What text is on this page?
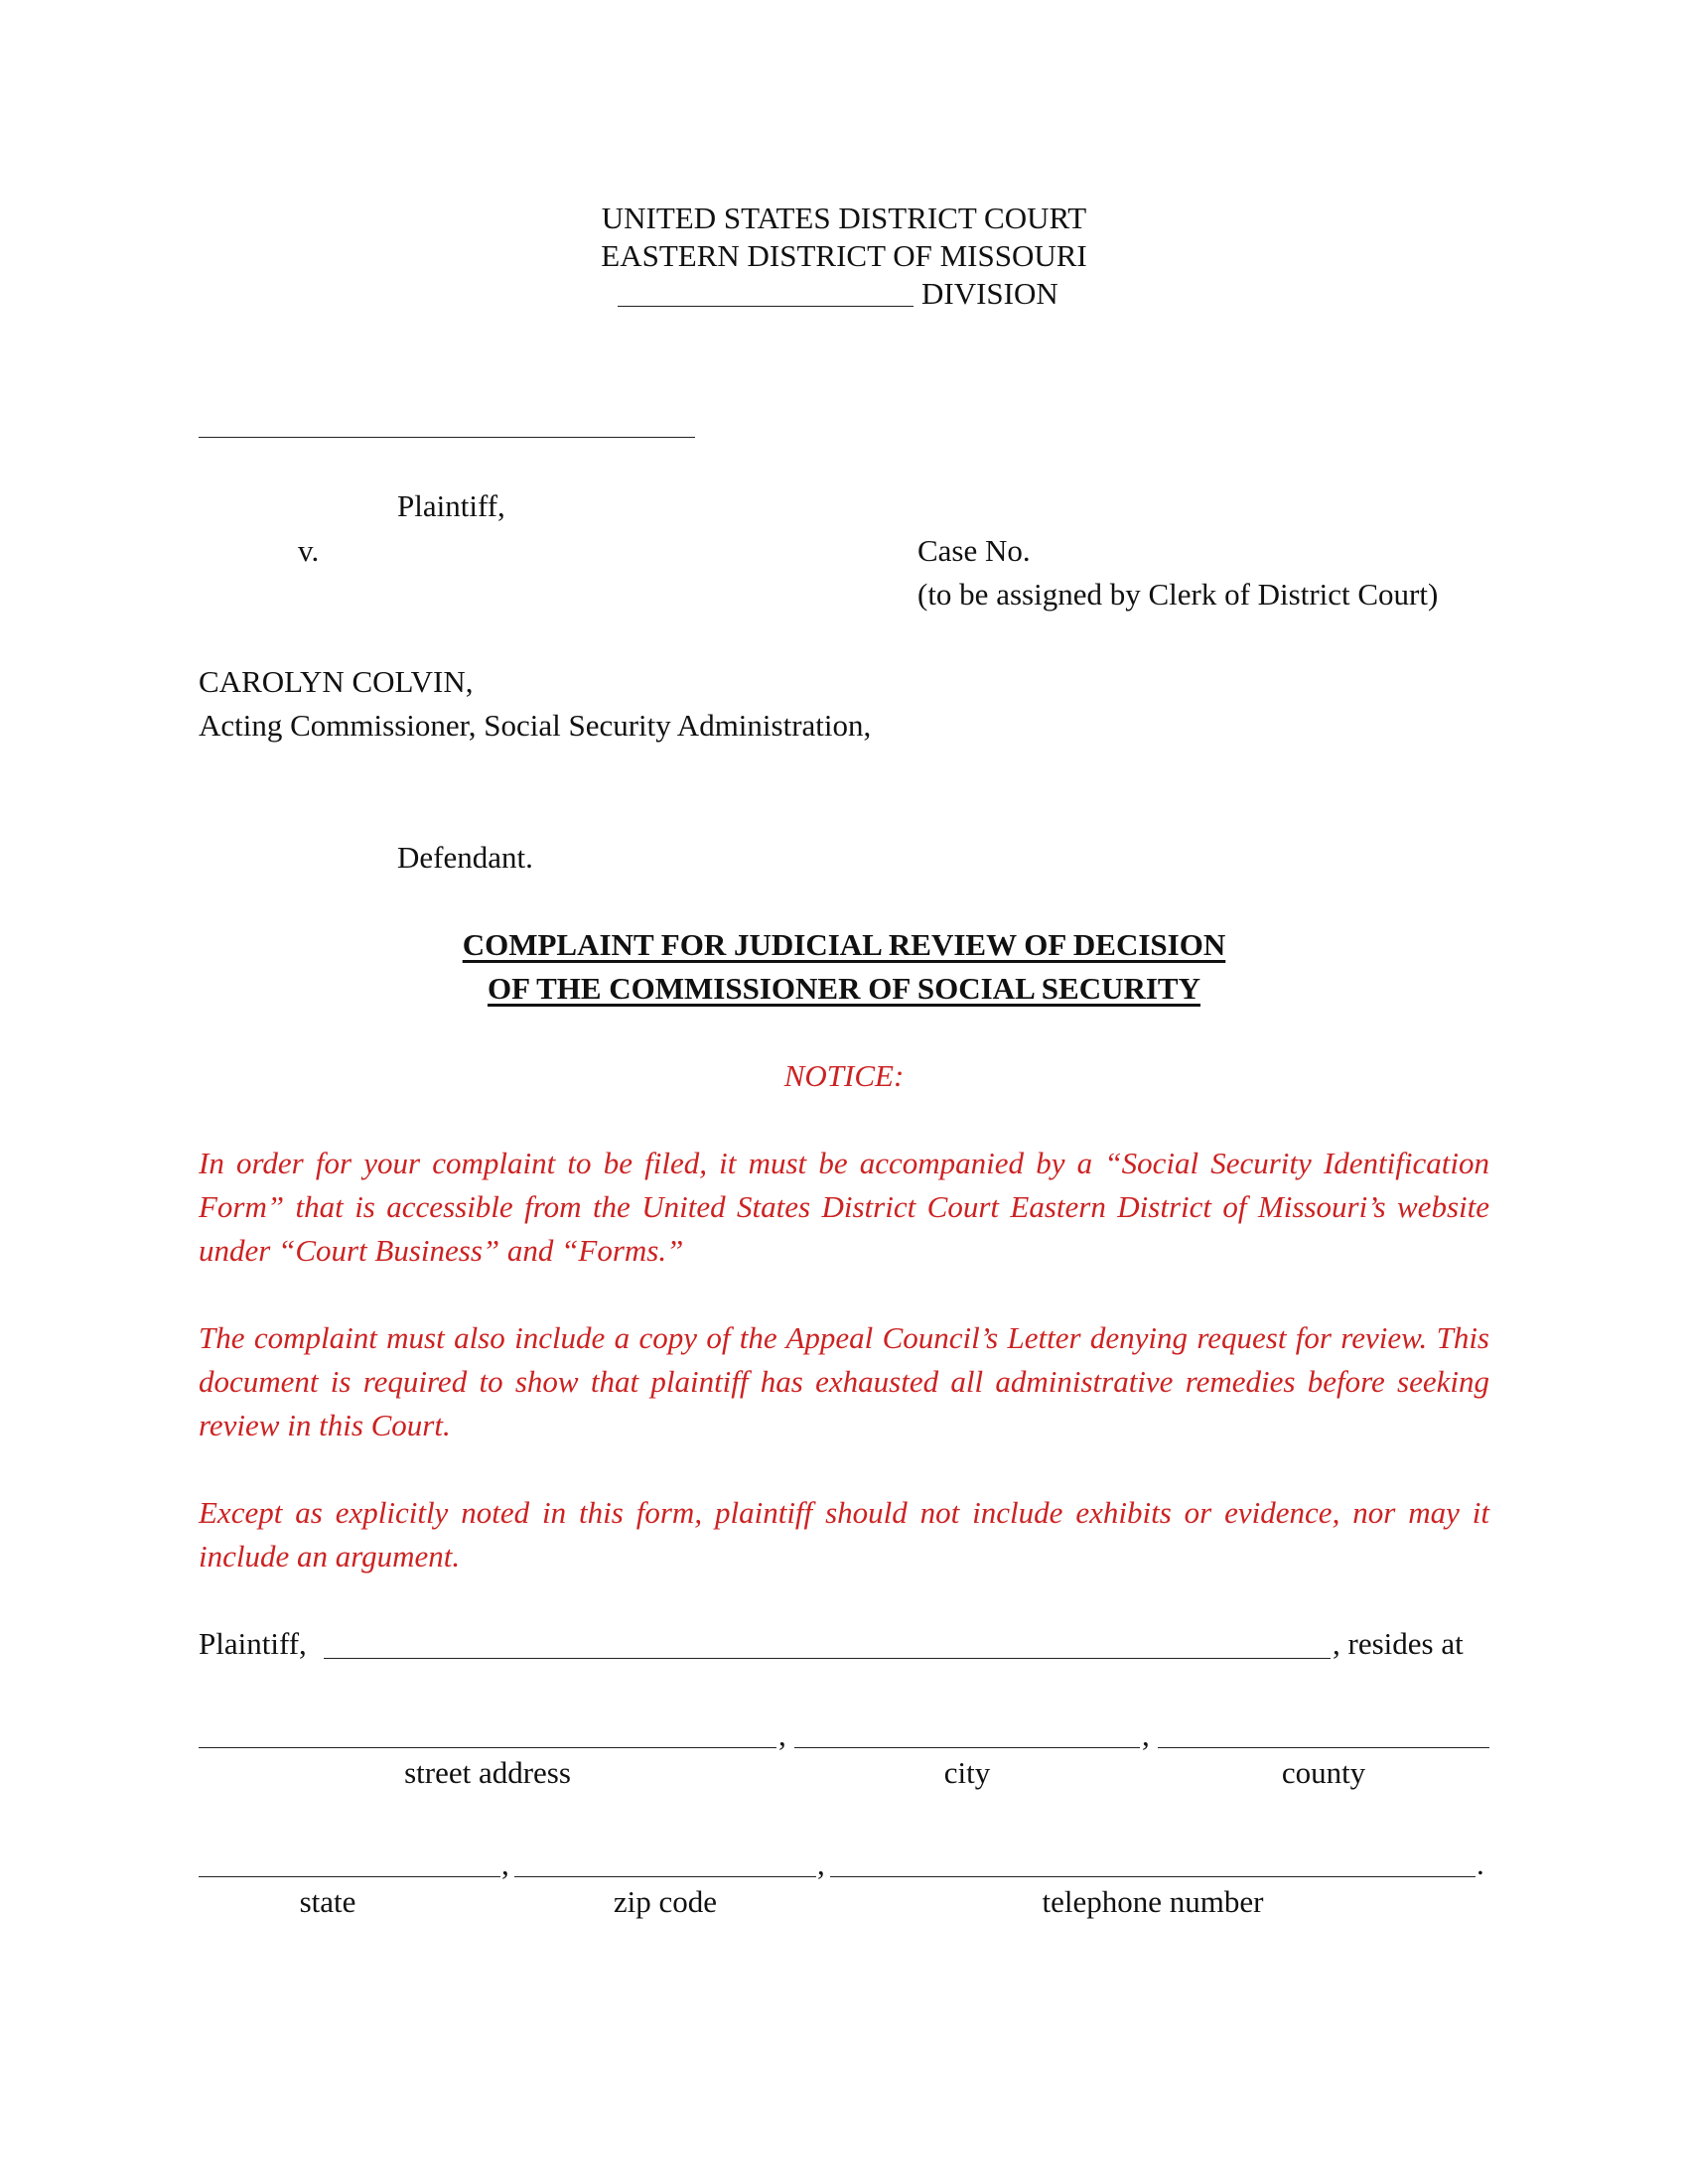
UNITED STATES DISTRICT COURT
EASTERN DISTRICT OF MISSOURI
DIVISION
Plaintiff,
v.	Case No.
(to be assigned by Clerk of District Court)
CAROLYN COLVIN,
Acting Commissioner, Social Security Administration,
Defendant.
COMPLAINT FOR JUDICIAL REVIEW OF DECISION
OF THE COMMISSIONER OF SOCIAL SECURITY
NOTICE:
In order for your complaint to be filed, it must be accompanied by a “Social Security Identification Form” that is accessible from the United States District Court Eastern District of Missouri’s website under “Court Business” and “Forms.”
The complaint must also include a copy of the Appeal Council’s Letter denying request for review. This document is required to show that plaintiff has exhausted all administrative remedies before seeking review in this Court.
Except as explicitly noted in this form, plaintiff should not include exhibits or evidence, nor may it include an argument.
Plaintiff,	, resides at
,	,
street address	city	county
,	,	.
state	zip code	telephone number
